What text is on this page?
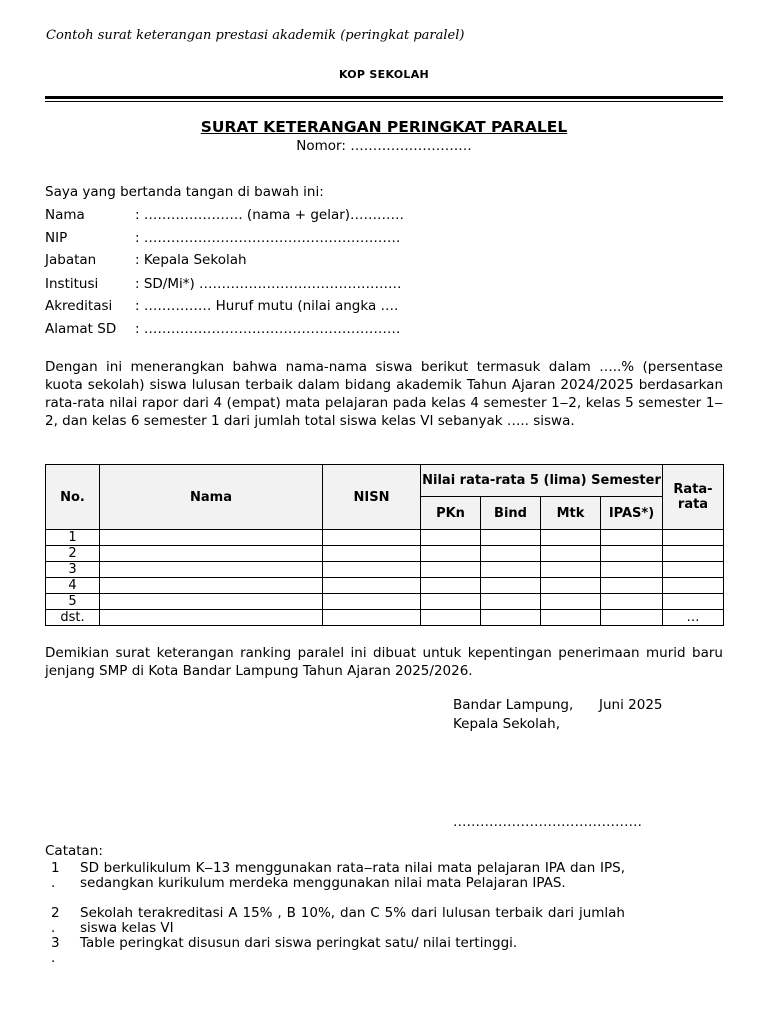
Contoh surat keterangan prestasi akademik (peringkat paralel)
KOP SEKOLAH
SURAT KETERANGAN PERINGKAT PARALEL
Nomor: ………………………
Saya yang bertanda tangan di bawah ini:
Nama	: …………………. (nama + gelar)…………
NIP	: …………………………………………………
Jabatan	: Kepala Sekolah
Institusi	: SD/Mi*) ………………………………………
Akreditasi : …………… Huruf mutu (nilai angka ….
Alamat SD : …………………………………………………
Dengan ini menerangkan bahwa nama-nama siswa berikut termasuk dalam …..% (persentase kuota sekolah) siswa lulusan terbaik dalam bidang akademik Tahun Ajaran 2024/2025 berdasarkan rata-rata nilai rapor dari 4 (empat) mata pelajaran pada kelas 4 semester 1‒2, kelas 5 semester 1‒2, dan kelas 6 semester 1 dari jumlah total siswa kelas VI sebanyak ….. siswa.
No.	Nama	NISN	Nilai rata-rata 5 (lima) Semester				Rata-rata
			PKn	Bind	Mtk	IPAS*)	
1							
2							
3							
4							
5							
dst.							…
Demikian surat keterangan ranking paralel ini dibuat untuk kepentingan penerimaan murid baru jenjang SMP di Kota Bandar Lampung Tahun Ajaran 2025/2026.
Bandar Lampung,      Juni 2025
Kepala Sekolah,
……………………………………
Catatan:
1
.
SD berkulikulum K‒13 menggunakan rata‒rata nilai mata pelajaran IPA dan IPS, sedangkan kurikulum merdeka menggunakan nilai mata Pelajaran IPAS.
2
.
Sekolah terakreditasi A 15% , B 10%, dan C 5% dari lulusan terbaik dari jumlah siswa kelas VI
3
.
Table peringkat disusun dari siswa peringkat satu/ nilai tertinggi.
